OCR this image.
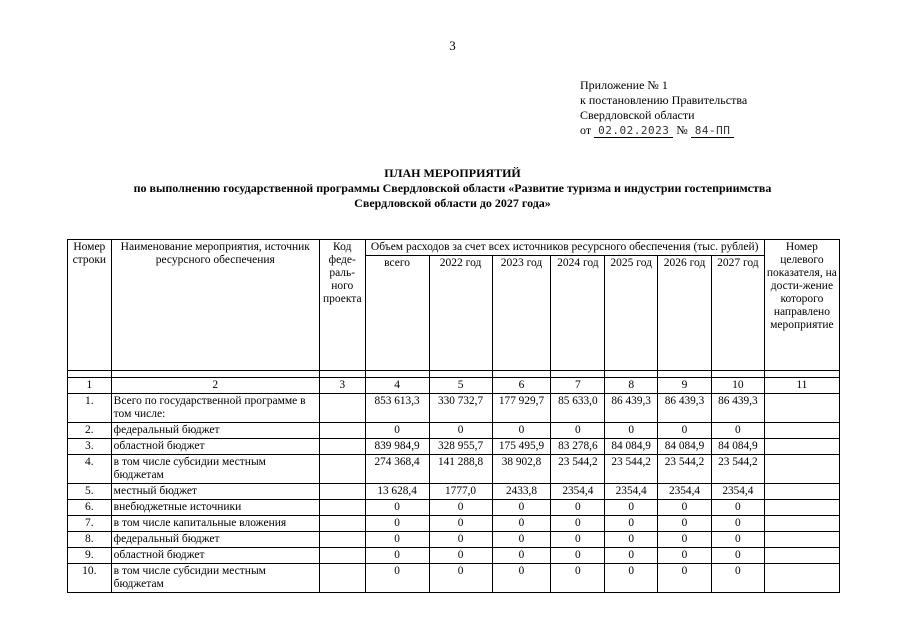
3
Приложение № 1
к постановлению Правительства
Свердловской области
от 02.02.2023 № 84-ПП
ПЛАН МЕРОПРИЯТИЙ
по выполнению государственной программы Свердловской области «Развитие туризма и индустрии гостеприимства
Свердловской области до 2027 года»
Номер строки	Наименование мероприятия, источник ресурсного обеспечения	Код феде-раль-ного проекта	Объем расходов за счет всех источников ресурсного обеспечения (тыс. рублей)							Номер целевого показателя, на дости-жение которого направлено мероприятие
			всего	2022 год	2023 год	2024 год	2025 год	2026 год	2027 год	

1	2	3	4	5	6	7	8	9	10	11
1.	Всего по государственной программе в том числе:		853 613,3	330 732,7	177 929,7	85 633,0	86 439,3	86 439,3	86 439,3	
2.	федеральный бюджет		0	0	0	0	0	0	0	
3.	областной бюджет		839 984,9	328 955,7	175 495,9	83 278,6	84 084,9	84 084,9	84 084,9	
4.	в том числе субсидии местным бюджетам		274 368,4	141 288,8	38 902,8	23 544,2	23 544,2	23 544,2	23 544,2	
5.	местный бюджет		13 628,4	1777,0	2433,8	2354,4	2354,4	2354,4	2354,4	
6.	внебюджетные источники		0	0	0	0	0	0	0	
7.	в том числе капитальные вложения		0	0	0	0	0	0	0	
8.	федеральный бюджет		0	0	0	0	0	0	0	
9.	областной бюджет		0	0	0	0	0	0	0	
10.	в том числе субсидии местным бюджетам		0	0	0	0	0	0	0	
